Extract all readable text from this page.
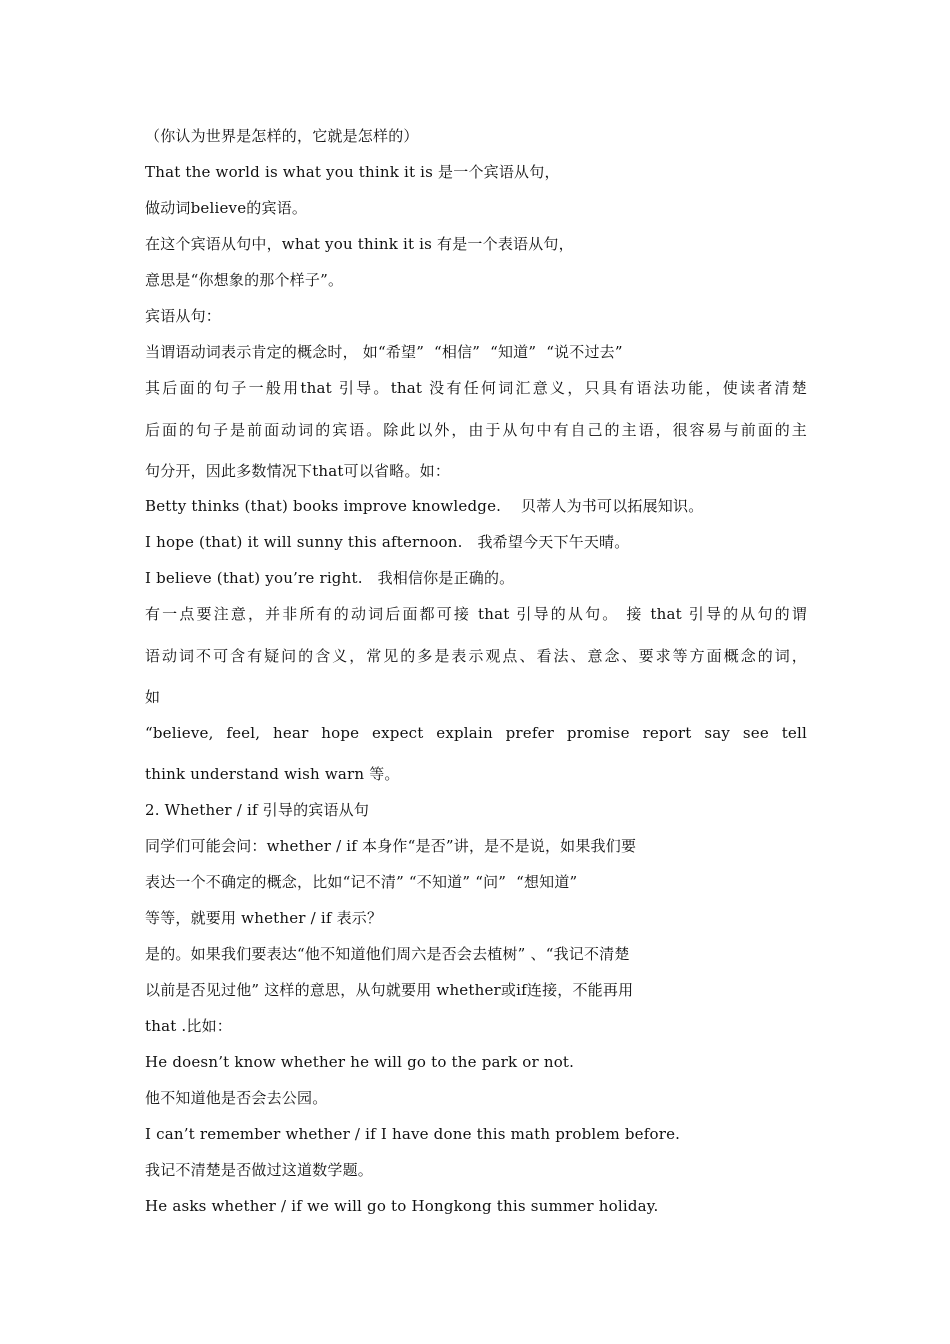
（你认为世界是怎样的，它就是怎样的）
That the world is what you think it is 是一个宾语从句，
做动词believe的宾语。
在这个宾语从句中，what you think it is 有是一个表语从句，
意思是“你想象的那个样子”。
宾语从句：
当谓语动词表示肯定的概念时， 如“希望”  “相信”  “知道”  “说不过去”
其后面的句子一般用that 引导。that 没有任何词汇意义，只具有语法功能，使读者清楚
后面的句子是前面动词的宾语。除此以外，由于从句中有自己的主语，很容易与前面的主
句分开，因此多数情况下that可以省略。如：
Betty thinks (that) books improve knowledge.    贝蒂人为书可以拓展知识。
I hope (that) it will sunny this afternoon.   我希望今天下午天晴。
I believe (that) you’re right.   我相信你是正确的。
有一点要注意，并非所有的动词后面都可接 that 引导的从句。 接 that 引导的从句的谓
语动词不可含有疑问的含义，常见的多是表示观点、看法、意念、要求等方面概念的词，
如
“believe, feel, hear hope expect explain prefer promise report say see tell
think understand wish warn 等。
2. Whether / if 引导的宾语从句
同学们可能会问：whether / if 本身作“是否”讲，是不是说，如果我们要
表达一个不确定的概念，比如“记不清” “不知道” “问”  “想知道”
等等，就要用 whether / if 表示？
是的。如果我们要表达“他不知道他们周六是否会去植树” 、“我记不清楚
以前是否见过他” 这样的意思，从句就要用 whether或if连接，不能再用
that .比如：
He doesn’t know whether he will go to the park or not.
他不知道他是否会去公园。
I can’t remember whether / if I have done this math problem before.
我记不清楚是否做过这道数学题。
He asks whether / if we will go to Hongkong this summer holiday.
